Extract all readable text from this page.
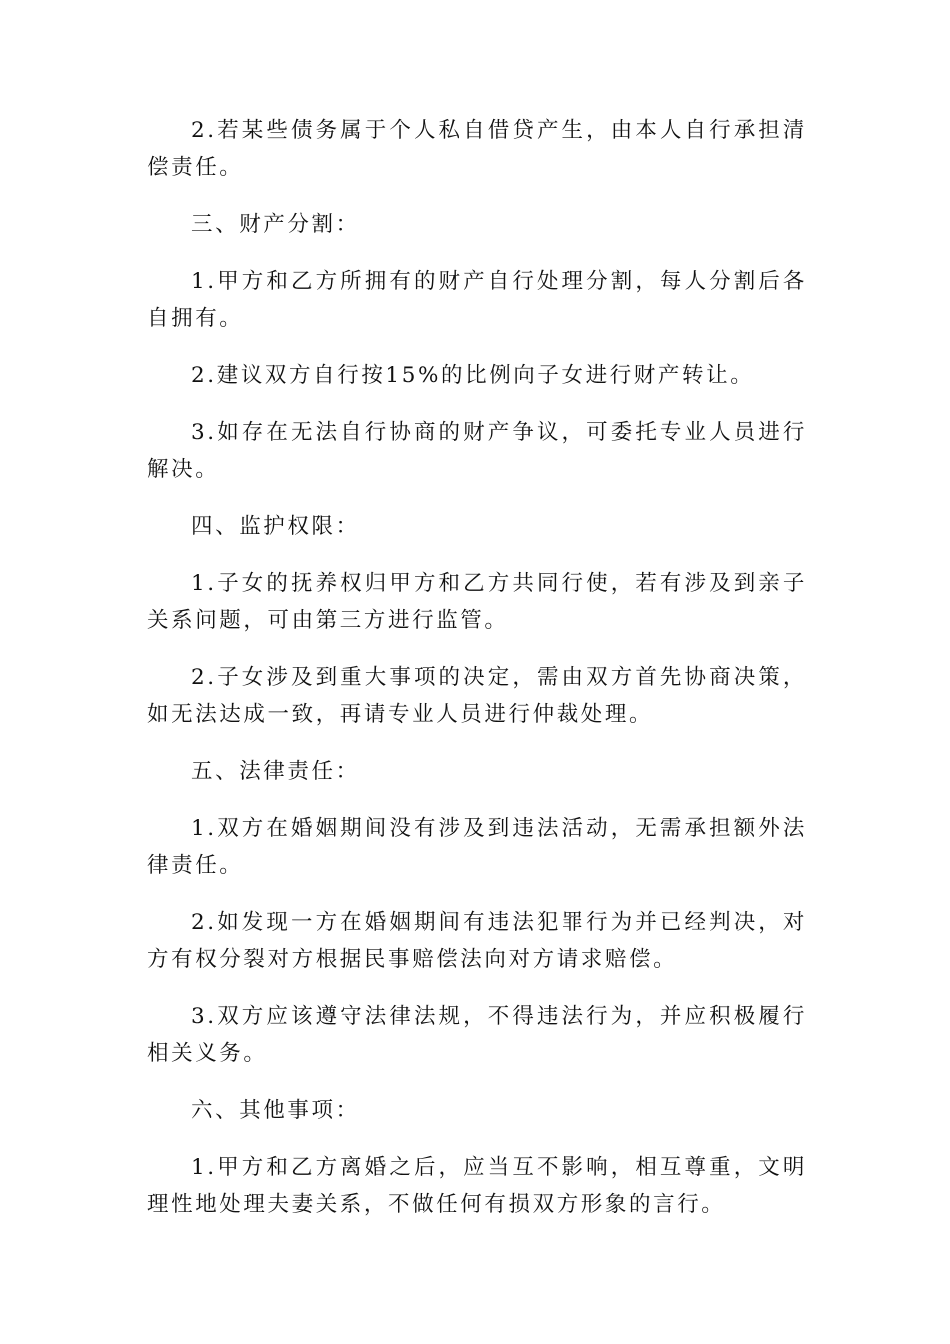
2.若某些债务属于个人私自借贷产生，由本人自行承担清偿责任。

三、财产分割：

1.甲方和乙方所拥有的财产自行处理分割，每人分割后各自拥有。

2.建议双方自行按15%的比例向子女进行财产转让。

3.如存在无法自行协商的财产争议，可委托专业人员进行解决。

四、监护权限：

1.子女的抚养权归甲方和乙方共同行使，若有涉及到亲子关系问题，可由第三方进行监管。

2.子女涉及到重大事项的决定，需由双方首先协商决策，如无法达成一致，再请专业人员进行仲裁处理。

五、法律责任：

1.双方在婚姻期间没有涉及到违法活动，无需承担额外法律责任。

2.如发现一方在婚姻期间有违法犯罪行为并已经判决，对方有权分裂对方根据民事赔偿法向对方请求赔偿。

3.双方应该遵守法律法规，不得违法行为，并应积极履行相关义务。

六、其他事项：

1.甲方和乙方离婚之后，应当互不影响，相互尊重，文明理性地处理夫妻关系，不做任何有损双方形象的言行。
